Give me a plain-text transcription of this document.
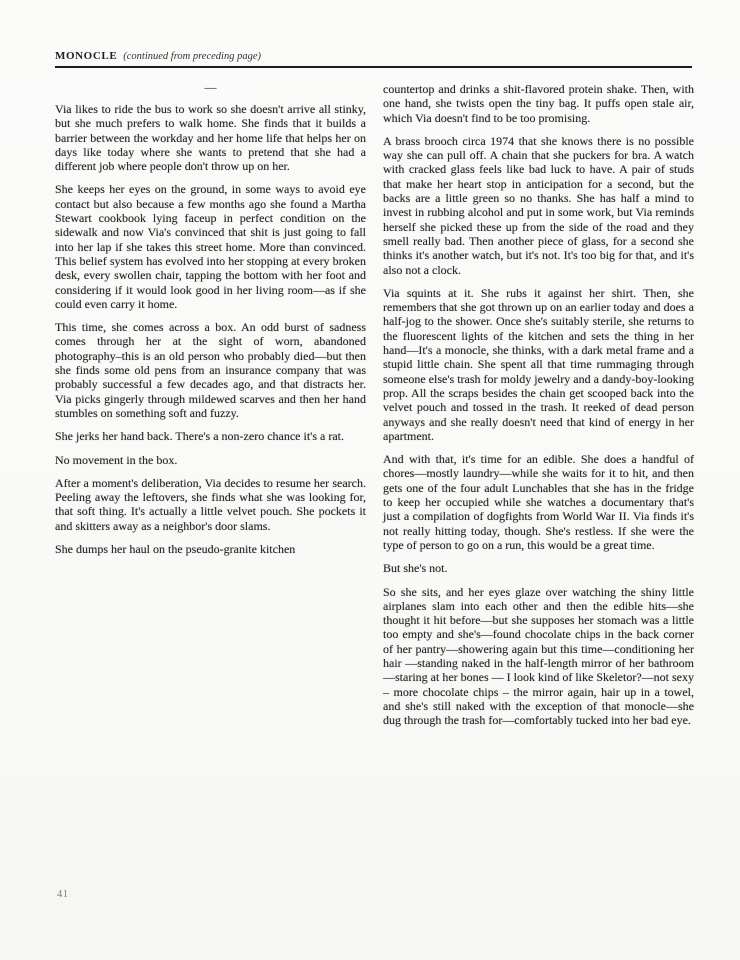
MONOCLE (continued from preceding page)
—

Via likes to ride the bus to work so she doesn't arrive all stinky, but she much prefers to walk home. She finds that it builds a barrier between the workday and her home life that helps her on days like today where she wants to pretend that she had a different job where people don't throw up on her.

She keeps her eyes on the ground, in some ways to avoid eye contact but also because a few months ago she found a Martha Stewart cookbook lying faceup in perfect condition on the sidewalk and now Via's convinced that shit is just going to fall into her lap if she takes this street home. More than convinced. This belief system has evolved into her stopping at every broken desk, every swollen chair, tapping the bottom with her foot and considering if it would look good in her living room—as if she could even carry it home.

This time, she comes across a box. An odd burst of sadness comes through her at the sight of worn, abandoned photography–this is an old person who probably died—but then she finds some old pens from an insurance company that was probably successful a few decades ago, and that distracts her. Via picks gingerly through mildewed scarves and then her hand stumbles on something soft and fuzzy.

She jerks her hand back. There's a non-zero chance it's a rat.

No movement in the box.

After a moment's deliberation, Via decides to resume her search. Peeling away the leftovers, she finds what she was looking for, that soft thing. It's actually a little velvet pouch. She pockets it and skitters away as a neighbor's door slams.

She dumps her haul on the pseudo-granite kitchen

countertop and drinks a shit-flavored protein shake. Then, with one hand, she twists open the tiny bag. It puffs open stale air, which Via doesn't find to be too promising.

A brass brooch circa 1974 that she knows there is no possible way she can pull off. A chain that she puckers for bra. A watch with cracked glass feels like bad luck to have. A pair of studs that make her heart stop in anticipation for a second, but the backs are a little green so no thanks. She has half a mind to invest in rubbing alcohol and put in some work, but Via reminds herself she picked these up from the side of the road and they smell really bad. Then another piece of glass, for a second she thinks it's another watch, but it's not. It's too big for that, and it's also not a clock.

Via squints at it. She rubs it against her shirt. Then, she remembers that she got thrown up on an earlier today and does a half-jog to the shower. Once she's suitably sterile, she returns to the fluorescent lights of the kitchen and sets the thing in her hand—It's a monocle, she thinks, with a dark metal frame and a stupid little chain. She spent all that time rummaging through someone else's trash for moldy jewelry and a dandy-boy-looking prop. All the scraps besides the chain get scooped back into the velvet pouch and tossed in the trash. It reeked of dead person anyways and she really doesn't need that kind of energy in her apartment.

And with that, it's time for an edible. She does a handful of chores—mostly laundry—while she waits for it to hit, and then gets one of the four adult Lunchables that she has in the fridge to keep her occupied while she watches a documentary that's just a compilation of dogfights from World War II. Via finds it's not really hitting today, though. She's restless. If she were the type of person to go on a run, this would be a great time.

But she's not.

So she sits, and her eyes glaze over watching the shiny little airplanes slam into each other and then the edible hits—she thought it hit before—but she supposes her stomach was a little too empty and she's—found chocolate chips in the back corner of her pantry—showering again but this time—conditioning her hair —standing naked in the half-length mirror of her bathroom —staring at her bones — I look kind of like Skeletor?—not sexy – more chocolate chips – the mirror again, hair up in a towel, and she's still naked with the exception of that monocle—she dug through the trash for—comfortably tucked into her bad eye.

41
